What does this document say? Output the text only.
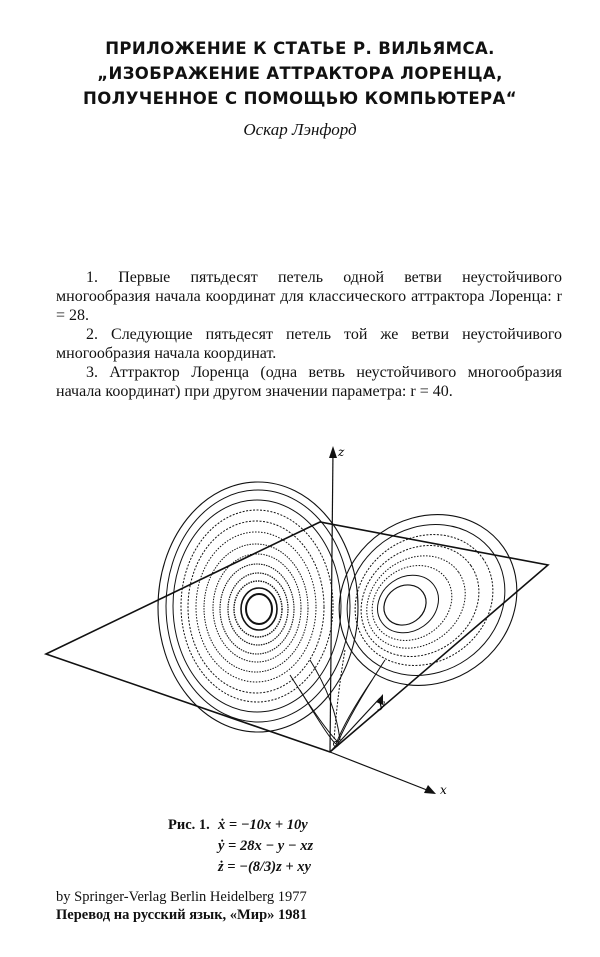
ПРИЛОЖЕНИЕ К СТАТЬЕ Р. ВИЛЬЯМСА.
„ИЗОБРАЖЕНИЕ АТТРАКТОРА ЛОРЕНЦА,
ПОЛУЧЕННОЕ С ПОМОЩЬЮ КОМПЬЮТЕРА“
Оскар Лэнфорд

1. Первые пятьдесят петель одной ветви неустойчивого многообразия начала координат для классического аттрактора Лоренца: r = 28.

2. Следующие пятьдесят петель той же ветви неустойчивого многообразия начала координат.

3. Аттрактор Лоренца (одна ветвь неустойчивого многообразия начала координат) при другом значении параметра: r = 40.

z
y
x
Рис. 1. ẋ = −10x + 10y
ẏ = 28x − y − xz
ż = −(8/3)z + xy
by Springer-Verlag Berlin Heidelberg 1977
Перевод на русский язык, «Мир» 1981
